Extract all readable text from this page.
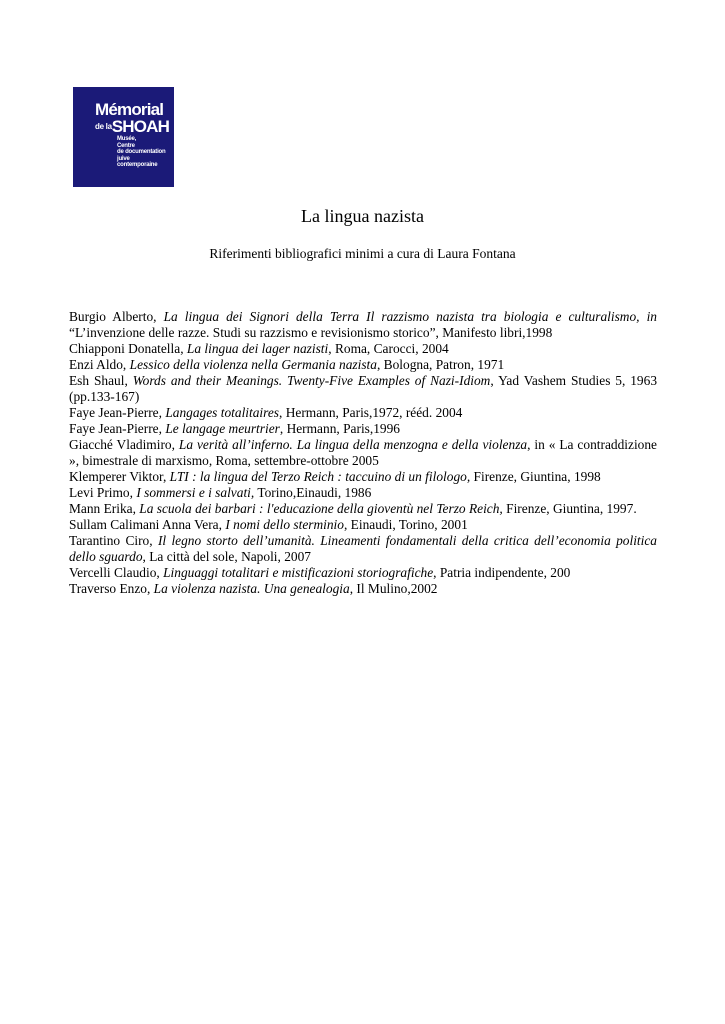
Mémorial
$^{de la}$SHOAH
Musée,
Centre
de documentation
juive
contemporaine
La lingua nazista
Riferimenti bibliografici minimi a cura di Laura Fontana

Burgio Alberto, La lingua dei Signori della Terra Il razzismo nazista tra biologia e culturalismo, in “L’invenzione delle razze. Studi su razzismo e revisionismo storico”, Manifesto libri,1998

Chiapponi Donatella, La lingua dei lager nazisti, Roma, Carocci, 2004

Enzi Aldo, Lessico della violenza nella Germania nazista, Bologna, Patron, 1971

Esh Shaul, Words and their Meanings. Twenty-Five Examples of Nazi-Idiom, Yad Vashem Studies 5, 1963 (pp.133-167)

Faye Jean-Pierre, Langages totalitaires, Hermann, Paris,1972, rééd. 2004

Faye Jean-Pierre, Le langage meurtrier, Hermann, Paris,1996

Giacché Vladimiro, La verità all’inferno. La lingua della menzogna e della violenza, in « La contraddizione », bimestrale di marxismo, Roma, settembre-ottobre 2005

Klemperer Viktor, LTI : la lingua del Terzo Reich : taccuino di un filologo, Firenze, Giuntina, 1998

Levi Primo, I sommersi e i salvati, Torino,Einaudi, 1986

Mann Erika, La scuola dei barbari : l'educazione della gioventù nel Terzo Reich, Firenze, Giuntina, 1997.

Sullam Calimani Anna Vera, I nomi dello sterminio, Einaudi, Torino, 2001

Tarantino Ciro, Il legno storto dell’umanità. Lineamenti fondamentali della critica dell’economia politica dello sguardo, La città del sole, Napoli, 2007

Vercelli Claudio, Linguaggi totalitari e mistificazioni storiografiche, Patria indipendente, 200

Traverso Enzo, La violenza nazista. Una genealogia, Il Mulino,2002
